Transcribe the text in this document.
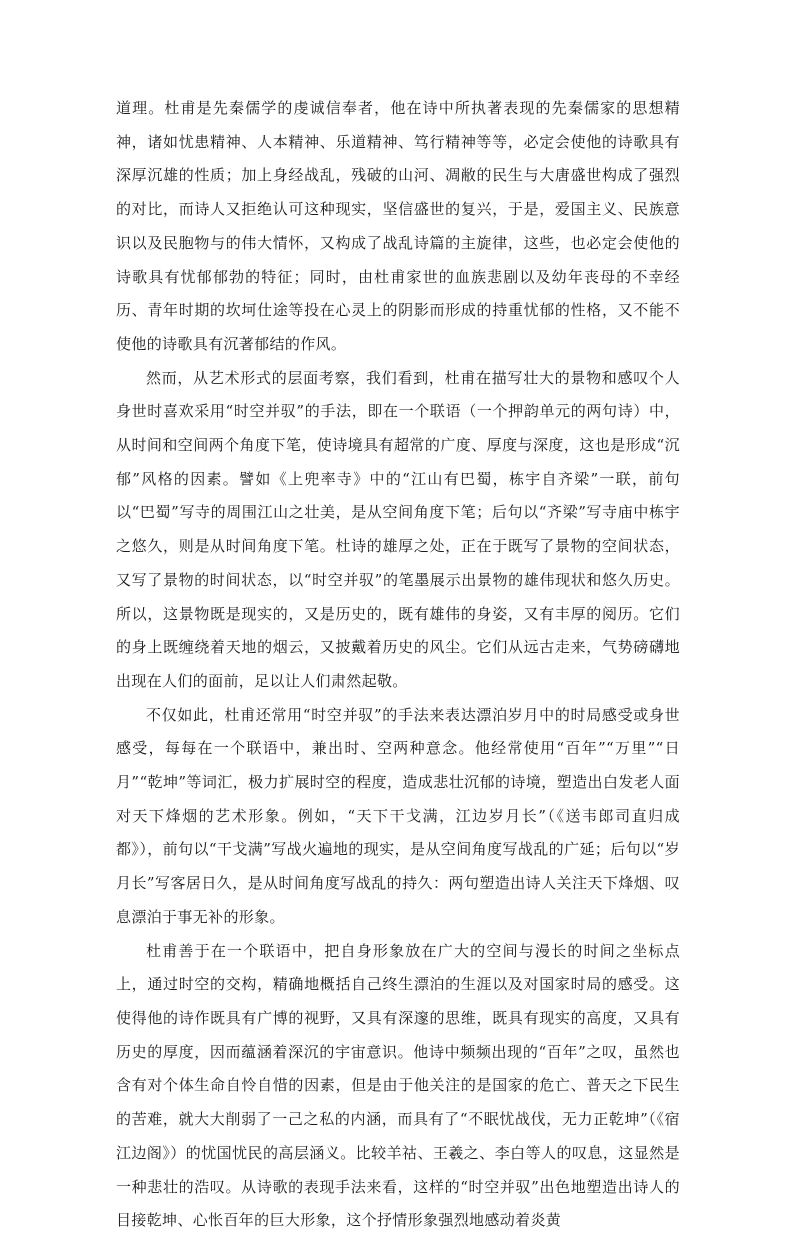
道理。杜甫是先秦儒学的虔诚信奉者，他在诗中所执著表现的先秦儒家的思想精神，诸如忧患精神、人本精神、乐道精神、笃行精神等等，必定会使他的诗歌具有深厚沉雄的性质；加上身经战乱，残破的山河、凋敝的民生与大唐盛世构成了强烈的对比，而诗人又拒绝认可这种现实，坚信盛世的复兴，于是，爱国主义、民族意识以及民胞物与的伟大情怀，又构成了战乱诗篇的主旋律，这些，也必定会使他的诗歌具有忧郁郁勃的特征；同时，由杜甫家世的血族悲剧以及幼年丧母的不幸经历、青年时期的坎坷仕途等投在心灵上的阴影而形成的持重忧郁的性格，又不能不使他的诗歌具有沉著郁结的作风。

然而，从艺术形式的层面考察，我们看到，杜甫在描写壮大的景物和感叹个人身世时喜欢采用“时空并驭”的手法，即在一个联语（一个押韵单元的两句诗）中，从时间和空间两个角度下笔，使诗境具有超常的广度、厚度与深度，这也是形成“沉郁”风格的因素。譬如《上兜率寺》中的“江山有巴蜀，栋宇自齐梁”一联，前句以“巴蜀”写寺的周围江山之壮美，是从空间角度下笔；后句以“齐梁”写寺庙中栋宇之悠久，则是从时间角度下笔。杜诗的雄厚之处，正在于既写了景物的空间状态，又写了景物的时间状态，以“时空并驭”的笔墨展示出景物的雄伟现状和悠久历史。所以，这景物既是现实的，又是历史的，既有雄伟的身姿，又有丰厚的阅历。它们的身上既缠绕着天地的烟云，又披戴着历史的风尘。它们从远古走来，气势磅礴地出现在人们的面前，足以让人们肃然起敬。

不仅如此，杜甫还常用“时空并驭”的手法来表达漂泊岁月中的时局感受或身世感受，每每在一个联语中，兼出时、空两种意念。他经常使用“百年”“万里”“日月”“乾坤”等词汇，极力扩展时空的程度，造成悲壮沉郁的诗境，塑造出白发老人面对天下烽烟的艺术形象。例如，“天下干戈满，江边岁月长”（《送韦郎司直归成都》），前句以“干戈满”写战火遍地的现实，是从空间角度写战乱的广延；后句以“岁月长”写客居日久，是从时间角度写战乱的持久：两句塑造出诗人关注天下烽烟、叹息漂泊于事无补的形象。

杜甫善于在一个联语中，把自身形象放在广大的空间与漫长的时间之坐标点上，通过时空的交构，精确地概括自己终生漂泊的生涯以及对国家时局的感受。这使得他的诗作既具有广博的视野，又具有深邃的思维，既具有现实的高度，又具有历史的厚度，因而蕴涵着深沉的宇宙意识。他诗中频频出现的“百年”之叹，虽然也含有对个体生命自怜自惜的因素，但是由于他关注的是国家的危亡、普天之下民生的苦难，就大大削弱了一己之私的内涵，而具有了“不眠忧战伐，无力正乾坤”（《宿江边阁》）的忧国忧民的高层涵义。比较羊祜、王羲之、李白等人的叹息，这显然是一种悲壮的浩叹。从诗歌的表现手法来看，这样的“时空并驭”出色地塑造出诗人的目接乾坤、心怅百年的巨大形象，这个抒情形象强烈地感动着炎黄
